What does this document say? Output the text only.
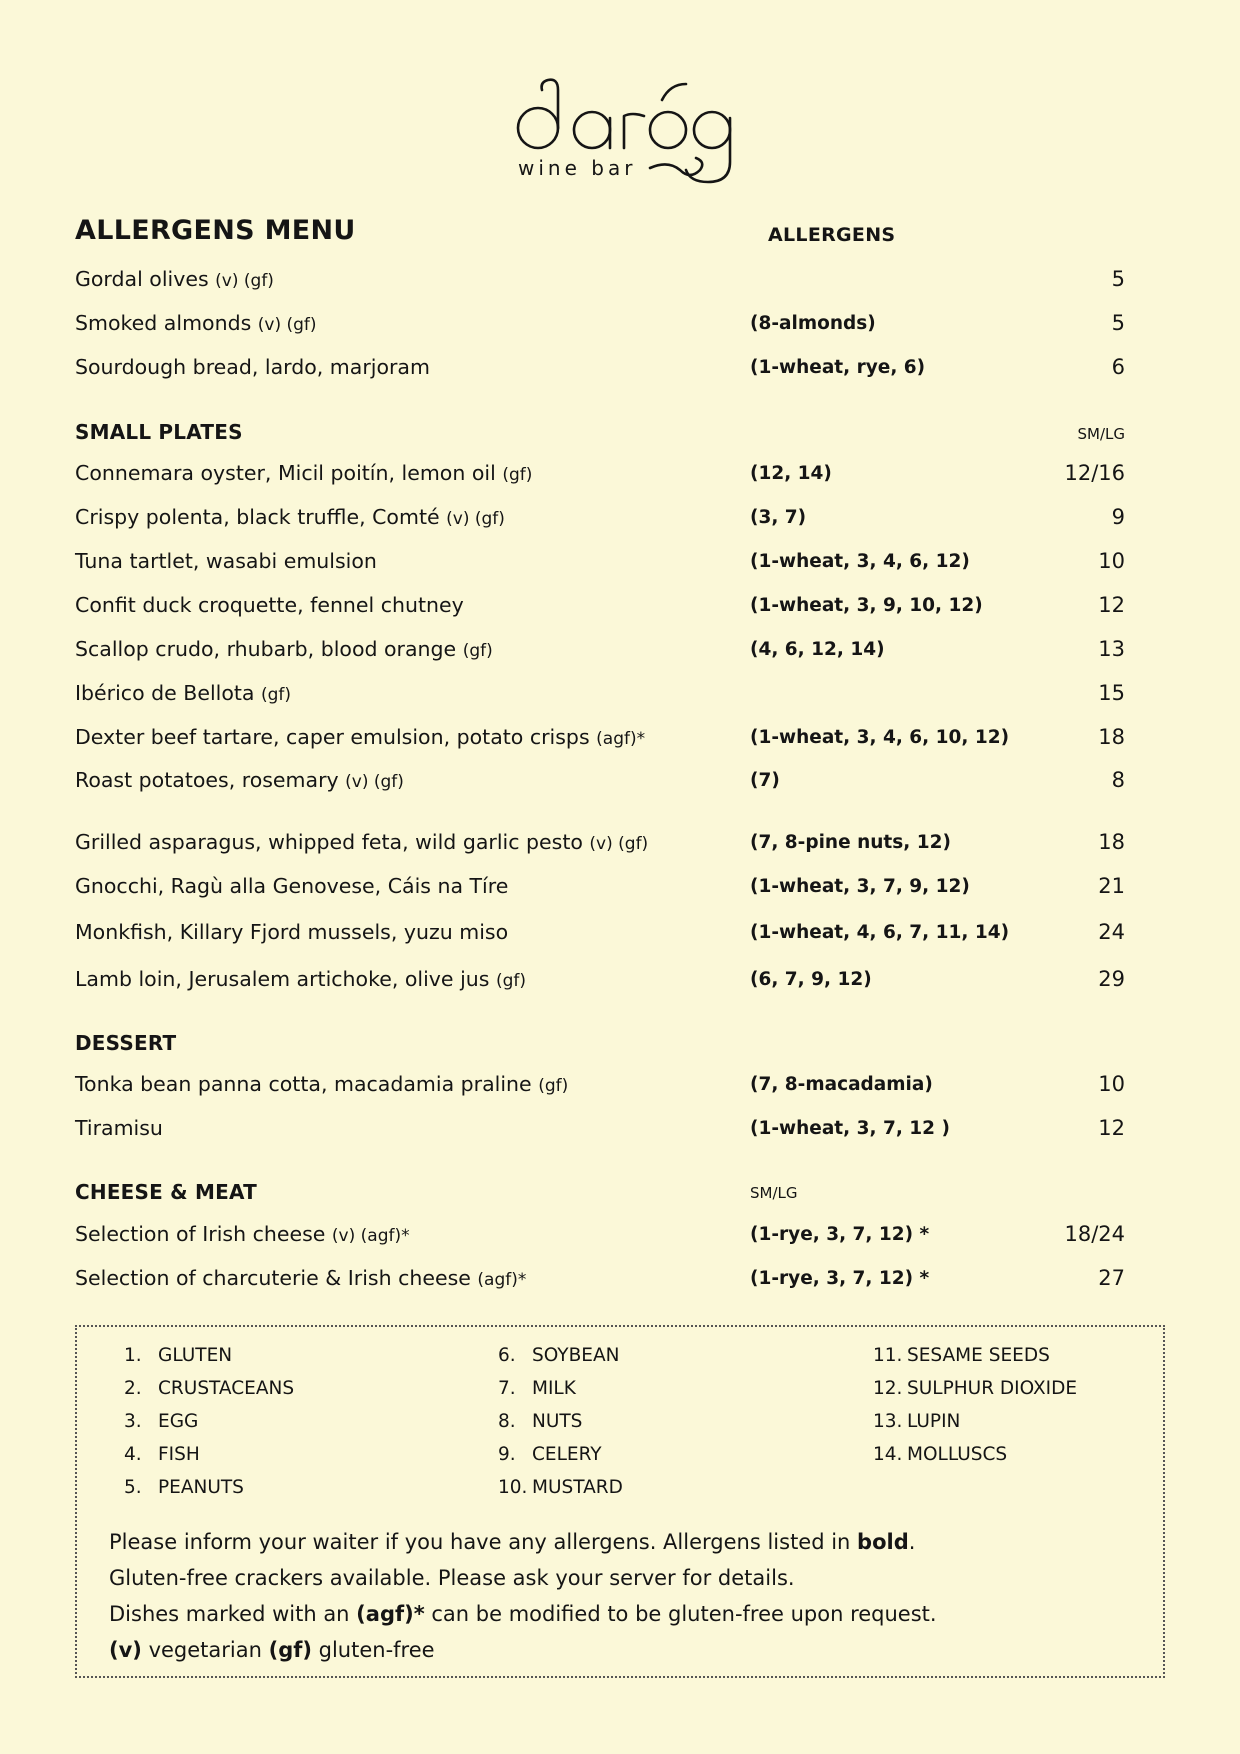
wine bar
ALLERGENS MENU	ALLERGENS
Gordal olives (v) (gf)	5
Smoked almonds (v) (gf)	(8-almonds)	5
Sourdough bread, lardo, marjoram	(1-wheat, rye, 6)	6
SMALL PLATES	SM/LG
Connemara oyster, Micil poitín, lemon oil (gf)	(12, 14)	12/16
Crispy polenta, black truffle, Comté (v) (gf)	(3, 7)	9
Tuna tartlet, wasabi emulsion	(1-wheat, 3, 4, 6, 12)	10
Confit duck croquette, fennel chutney	(1-wheat, 3, 9, 10, 12)	12
Scallop crudo, rhubarb, blood orange (gf)	(4, 6, 12, 14)	13
Ibérico de Bellota (gf)	15
Dexter beef tartare, caper emulsion, potato crisps (agf)*	(1-wheat, 3, 4, 6, 10, 12)	18
Roast potatoes, rosemary (v) (gf)	(7)	8
Grilled asparagus, whipped feta, wild garlic pesto (v) (gf)	(7, 8-pine nuts, 12)	18
Gnocchi, Ragù alla Genovese, Cáis na Tíre	(1-wheat, 3, 7, 9, 12)	21
Monkfish, Killary Fjord mussels, yuzu miso	(1-wheat, 4, 6, 7, 11, 14)	24
Lamb loin, Jerusalem artichoke, olive jus (gf)	(6, 7, 9, 12)	29
DESSERT
Tonka bean panna cotta, macadamia praline (gf)	(7, 8-macadamia)	10
Tiramisu	(1-wheat, 3, 7, 12 )	12
CHEESE & MEAT	SM/LG
Selection of Irish cheese (v) (agf)*	(1-rye, 3, 7, 12) *	18/24
Selection of charcuterie & Irish cheese (agf)*	(1-rye, 3, 7, 12) *	27
1. GLUTEN
2. CRUSTACEANS
3. EGG
4. FISH
5. PEANUTS
6. SOYBEAN
7. MILK
8. NUTS
9. CELERY
10. MUSTARD
11. SESAME SEEDS
12. SULPHUR DIOXIDE
13. LUPIN
14. MOLLUSCS
Please inform your waiter if you have any allergens. Allergens listed in bold.
Gluten-free crackers available. Please ask your server for details.
Dishes marked with an (agf)* can be modified to be gluten-free upon request.
(v) vegetarian (gf) gluten-free
